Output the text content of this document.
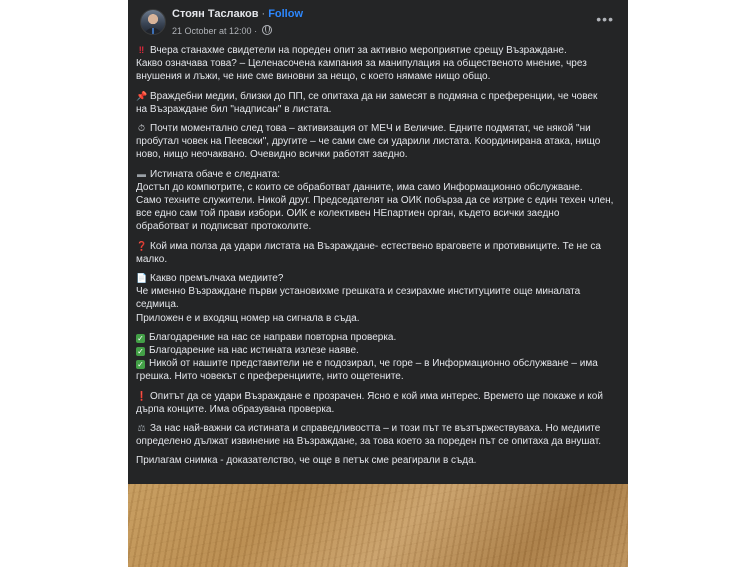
Стоян Таслаков · Follow
21 October at 12:00 ·
•••
‼ Вчера станахме свидетели на пореден опит за активно мероприятие срещу Възраждане.
Какво означава това? – Целенасочена кампания за манипулация на общественото мнение, чрез
внушения и лъжи, че ние сме виновни за нещо, с което нямаме нищо общо.
📌 Враждебни медии, близки до ПП, се опитаха да ни замесят в подмяна с преференции, че човек
на Възраждане бил "надписан" в листата.
⏱ Почти моментално след това – активизация от МЕЧ и Величие. Едните подмятат, че някой "ни
пробутал човек на Пеевски", другите – че сами сме си ударили листата. Координирана атака, нищо
ново, нищо неочаквано. Очевидно всички работят заедно.
▬ Истината обаче е следната:
Достъп до компютрите, с които се обработват данните, има само Информационно обслужване.
Само техните служители. Никой друг. Председателят на ОИК побърза да се изтрие с един техен член,
все едно сам той прави избори. ОИК е колективен НЕпартиен орган, където всички заедно
обработват и подписват протоколите.
❓ Кой има полза да удари листата на Възраждане- естествено враговете и противниците. Те не са
малко.
📄 Какво премълчаха медиите?
Че именно Възраждане първи установихме грешката и сезирахме институциите още миналата
седмица.
Приложен е и входящ номер на сигнала в съда.
✓ Благодарение на нас се направи повторна проверка.
✓ Благодарение на нас истината излезе наяве.
✓ Никой от нашите представители не е подозирал, че горе – в Информационно обслужване – има
грешка. Нито човекът с преференциите, нито ощетените.
❗ Опитът да се удари Възраждане е прозрачен. Ясно е кой има интерес. Времето ще покаже и кой
дърпа конците. Има образувана проверка.
⚖ За нас най-важни са истината и справедливостта – и този път те възтържествуваха. Но медиите
определено дължат извинение на Възраждане, за това което за пореден път се опитаха да внушат.
Прилагам снимка - доказателство, че още в петък сме реагирали в съда.
